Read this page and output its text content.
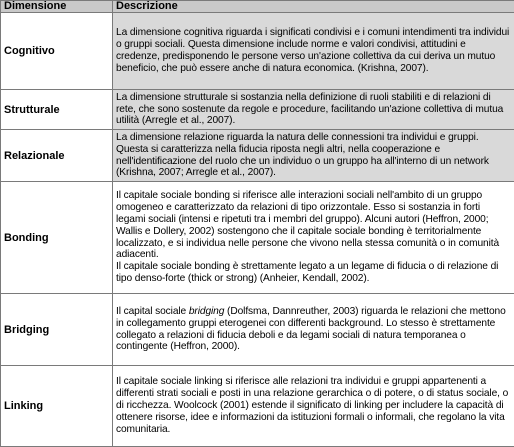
Dimensione	Descrizione
Cognitivo	La dimensione cognitiva riguarda i significati condivisi e i comuni intendimenti tra individui o gruppi sociali. Questa dimensione include norme e valori condivisi, attitudini e credenze, predisponendo le persone verso un'azione collettiva da cui deriva un mutuo beneficio, che può essere anche di natura economica. (Krishna, 2007).
Strutturale	La dimensione strutturale si sostanzia nella definizione di ruoli stabiliti e di relazioni di rete, che sono sostenute da regole e procedure, facilitando un'azione collettiva di mutua utilità (Arregle et al., 2007).
Relazionale	La dimensione relazione riguarda la natura delle connessioni tra individui e gruppi. Questa si caratterizza nella fiducia riposta negli altri, nella cooperazione e nell'identificazione del ruolo che un individuo o un gruppo ha all'interno di un network (Krishna, 2007; Arregle et al., 2007).
Bonding	Il capitale sociale bonding si riferisce alle interazioni sociali nell'ambito di un gruppo omogeneo e caratterizzato da relazioni di tipo orizzontale. Esso si sostanzia in forti legami sociali (intensi e ripetuti tra i membri del gruppo). Alcuni autori (Heffron, 2000; Wallis e Dollery, 2002) sostengono che il capitale sociale bonding è territorialmente localizzato, e si individua nelle persone che vivono nella stessa comunità o in comunità adiacenti.
Il capitale sociale bonding è strettamente legato a un legame di fiducia o di relazione di tipo denso-forte (thick or strong) (Anheier, Kendall, 2002).

Bridging	Il capital sociale bridging (Dolfsma, Dannreuther, 2003) riguarda le relazioni che mettono in collegamento gruppi eterogenei con differenti background. Lo stesso è strettamente collegato a relazioni di fiducia deboli e da legami sociali di natura temporanea o contingente (Heffron, 2000).
Linking	Il capitale sociale linking si riferisce alle relazioni tra individui e gruppi appartenenti a differenti strati sociali e posti in una relazione gerarchica o di potere, o di status sociale, o di ricchezza. Woolcock (2001) estende il significato di linking per includere la capacità di ottenere risorse, idee e informazioni da istituzioni formali o informali, che regolano la vita comunitaria.
